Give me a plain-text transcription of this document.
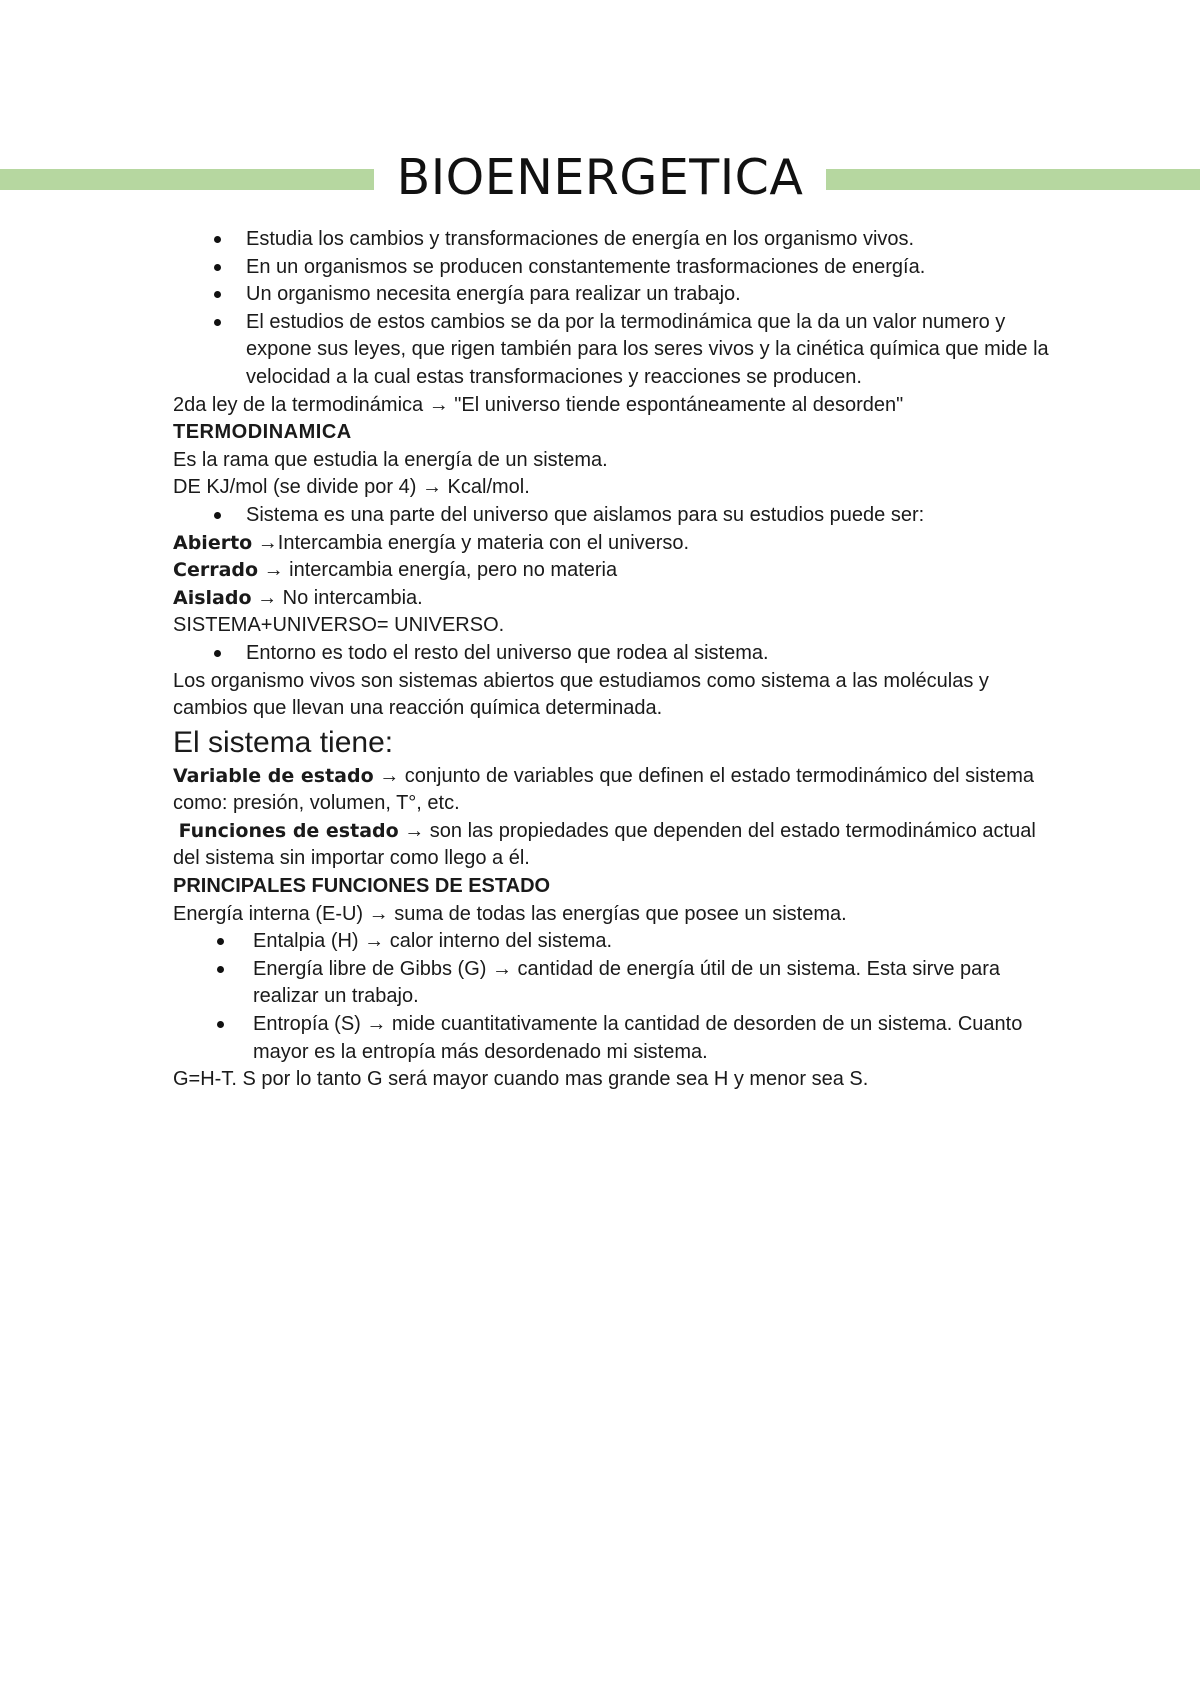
BIOENERGETICA
Estudia los cambios y transformaciones de energía en los organismo vivos.
En un organismos se producen constantemente trasformaciones de energía.
Un organismo necesita energía para realizar un trabajo.
El estudios de estos cambios se da por la termodinámica que la da un valor numero y expone sus leyes, que rigen también para los seres vivos y la cinética química que mide la velocidad a la cual estas transformaciones y reacciones se producen.

2da ley de la termodinámica → "El universo tiende espontáneamente al desorden"

TERMODINAMICA

Es la rama que estudia la energía de un sistema.

DE KJ/mol (se divide por 4) → Kcal/mol.

Sistema es una parte del universo que aislamos para su estudios puede ser:

Abierto →Intercambia energía y materia con el universo.

Cerrado → intercambia energía, pero no materia

Aislado → No intercambia.

SISTEMA+UNIVERSO= UNIVERSO.

Entorno es todo el resto del universo que rodea al sistema.

Los organismo vivos son sistemas abiertos que estudiamos como sistema a las moléculas y cambios que llevan una reacción química determinada.

El sistema tiene:

Variable de estado → conjunto de variables que definen el estado termodinámico del sistema como: presión, volumen, T°, etc.

Funciones de estado → son las propiedades que dependen del estado termodinámico actual del sistema sin importar como llego a él.

PRINCIPALES FUNCIONES DE ESTADO

Energía interna (E-U) → suma de todas las energías que posee un sistema.

Entalpia (H) → calor interno del sistema.
Energía libre de Gibbs (G) → cantidad de energía útil de un sistema. Esta sirve para realizar un trabajo.
Entropía (S) → mide cuantitativamente la cantidad de desorden de un sistema. Cuanto mayor es la entropía más desordenado mi sistema.

G=H-T. S por lo tanto G será mayor cuando mas grande sea H y menor sea S.
